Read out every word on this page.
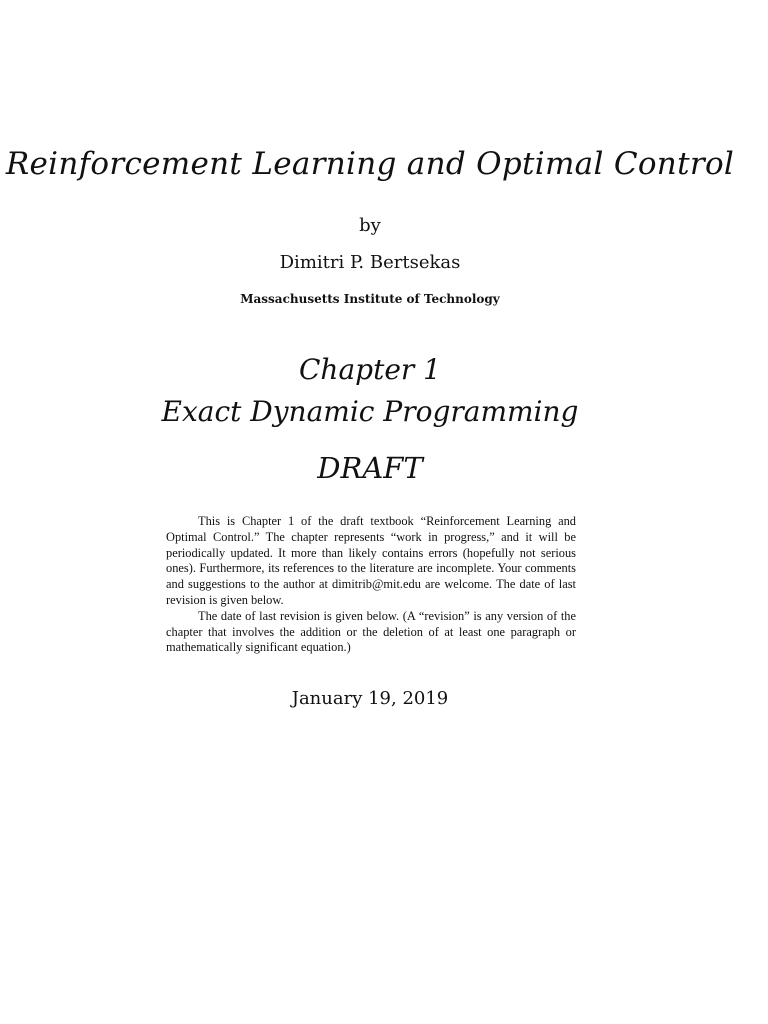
Reinforcement Learning and Optimal Control
by
Dimitri P. Bertsekas
Massachusetts Institute of Technology
Chapter 1
Exact Dynamic Programming
DRAFT

This is Chapter 1 of the draft textbook “Reinforcement Learning and Optimal Control.” The chapter represents “work in progress,” and it will be periodically updated. It more than likely contains errors (hopefully not serious ones). Furthermore, its references to the literature are incomplete. Your comments and suggestions to the author at dimitrib@mit.edu are welcome. The date of last revision is given below.

The date of last revision is given below. (A “revision” is any version of the chapter that involves the addition or the deletion of at least one paragraph or mathematically significant equation.)

January 19, 2019
